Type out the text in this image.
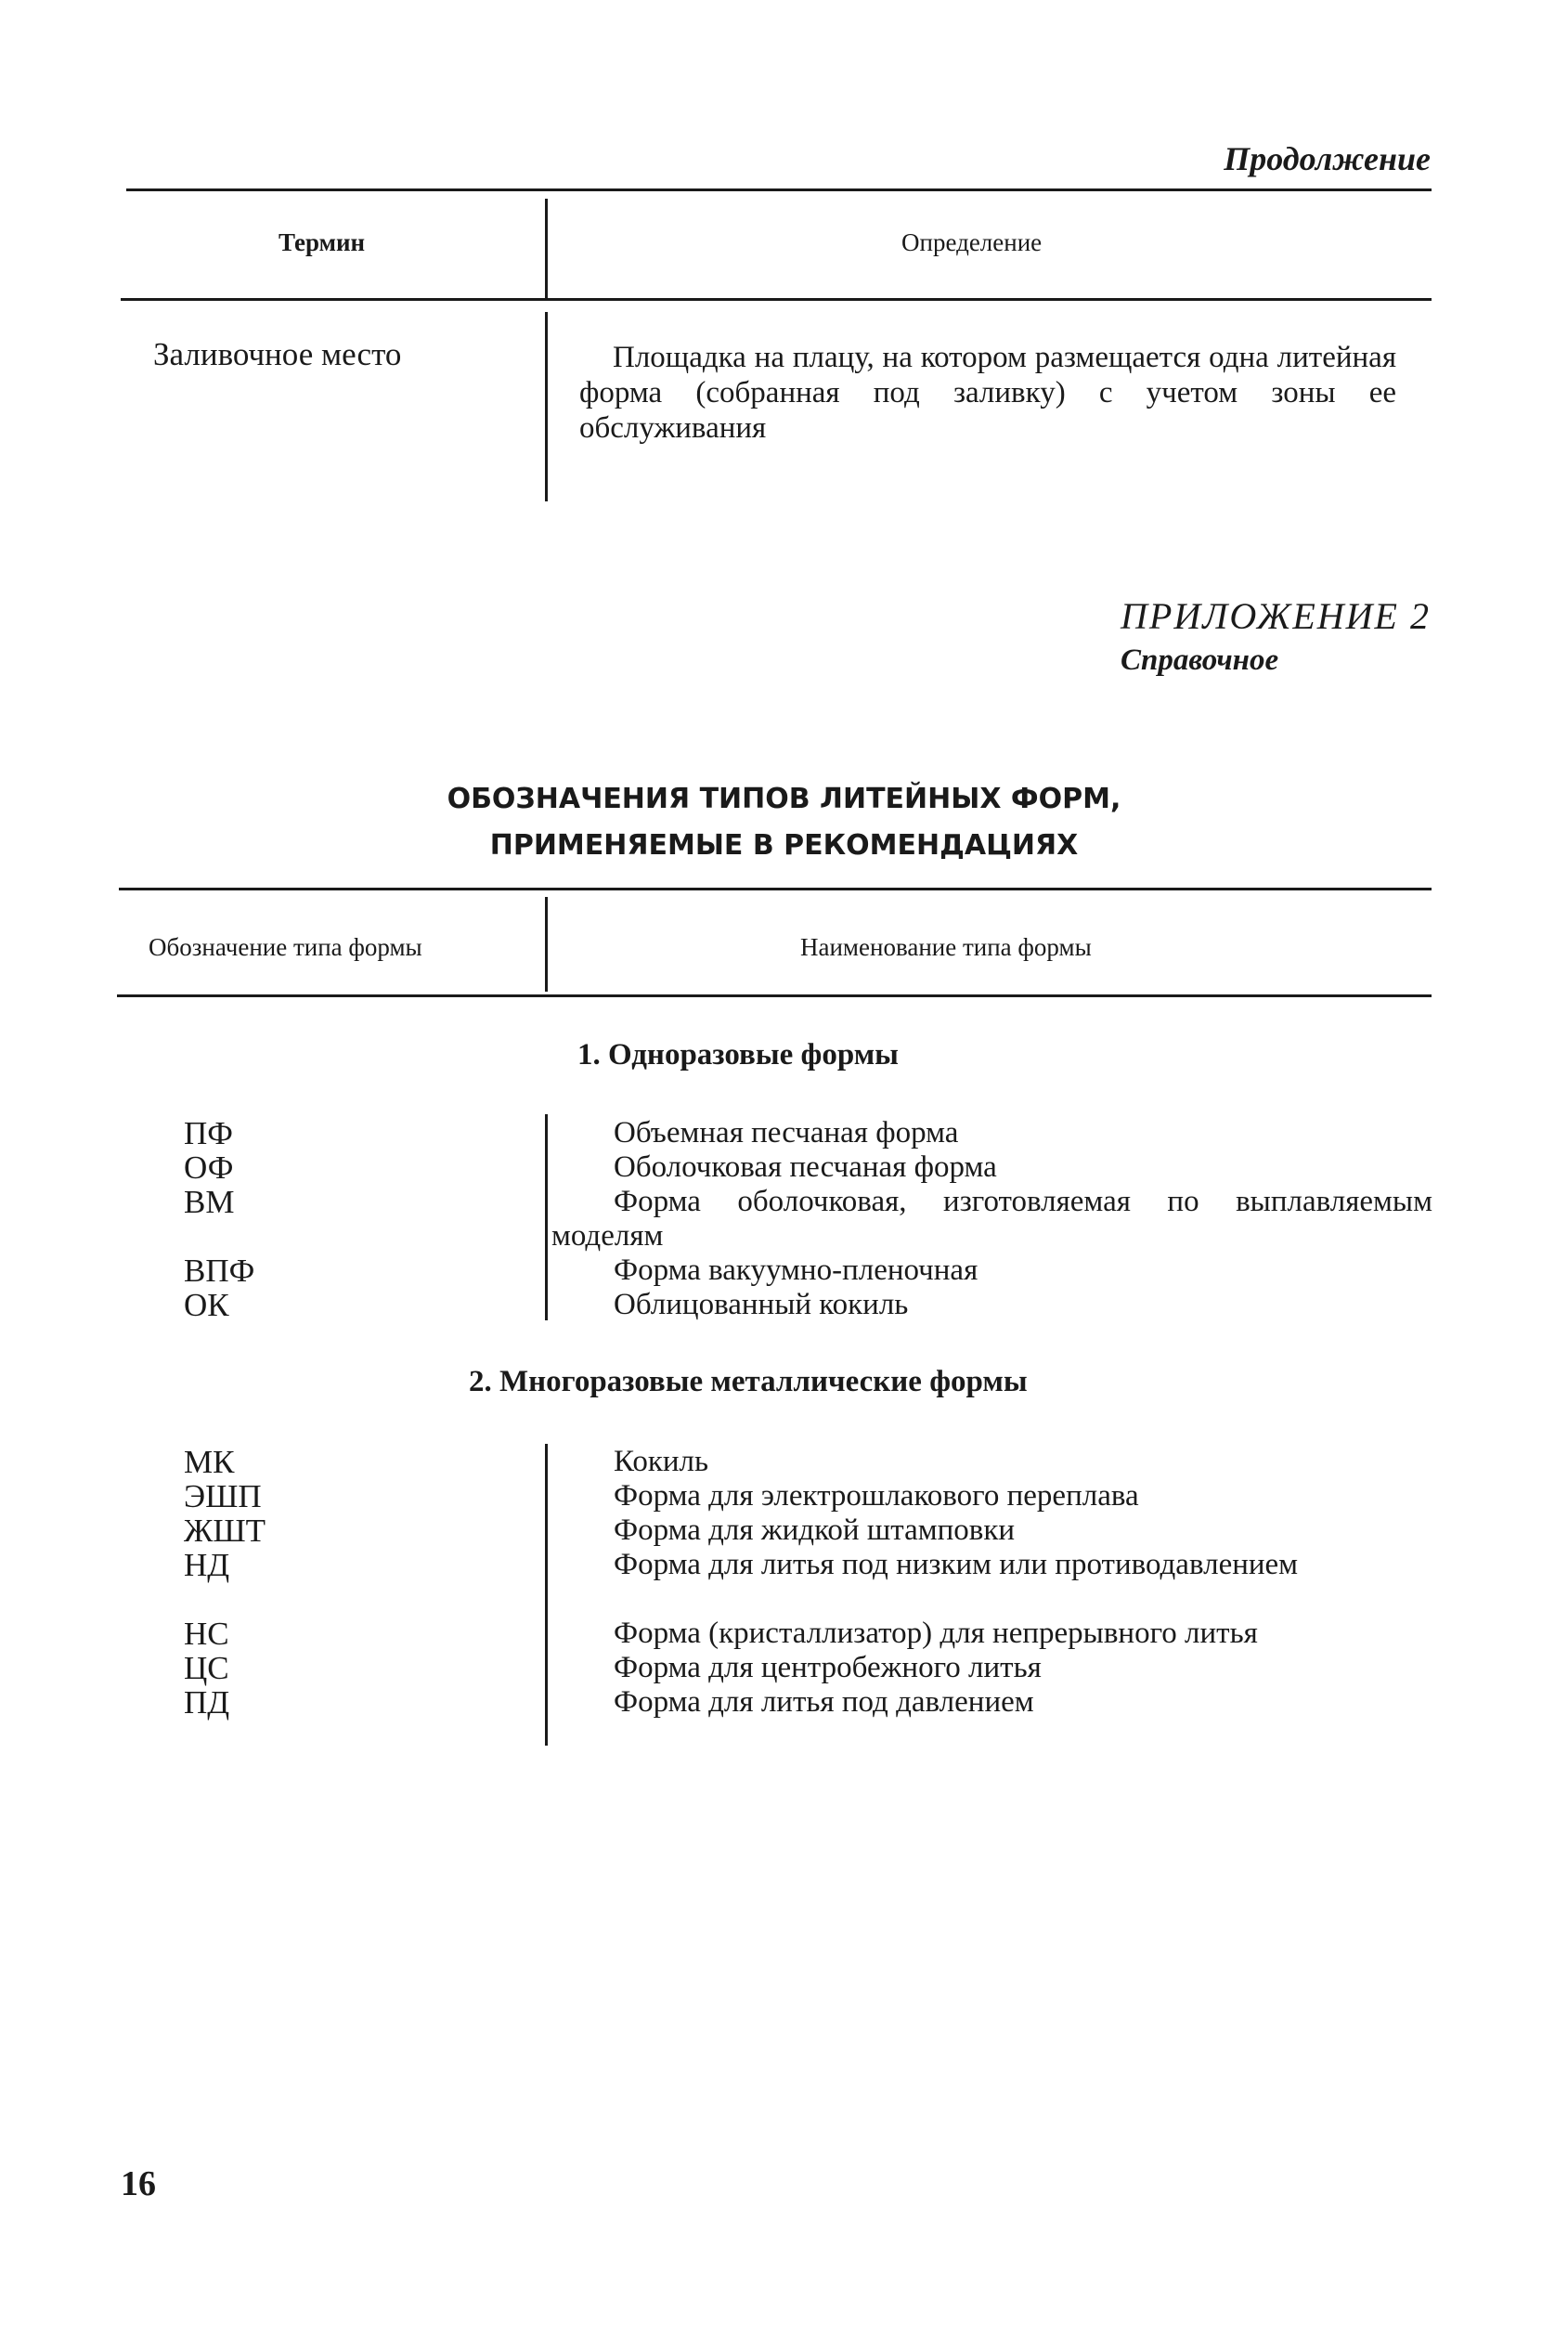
Продолжение
Термин	Определение
Заливочное место	Площадка на плацу, на котором размещается одна литейная форма (собранная под заливку) с учетом зоны ее обслуживания
ПРИЛОЖЕНИЕ 2
Справочное
ОБОЗНАЧЕНИЯ ТИПОВ ЛИТЕЙНЫХ ФОРМ,
ПРИМЕНЯЕМЫЕ В РЕКОМЕНДАЦИЯХ
Обозначение типа формы	Наименование типа формы
1. Одноразовые формы
ПФ	Объемная песчаная форма
ОФ	Оболочковая песчаная форма
ВМ	Форма оболочковая, изготовляемая по выплавляемым моделям
ВПФ	Форма вакуумно-пленочная
ОК	Облицованный кокиль
2. Многоразовые металлические формы
МК	Кокиль
ЭШП	Форма для электрошлакового переплава
ЖШТ	Форма для жидкой штамповки
НД	Форма для литья под низким или противодавлением
НС	Форма (кристаллизатор) для непрерывного литья
ЦС	Форма для центробежного литья
ПД	Форма для литья под давлением
16
